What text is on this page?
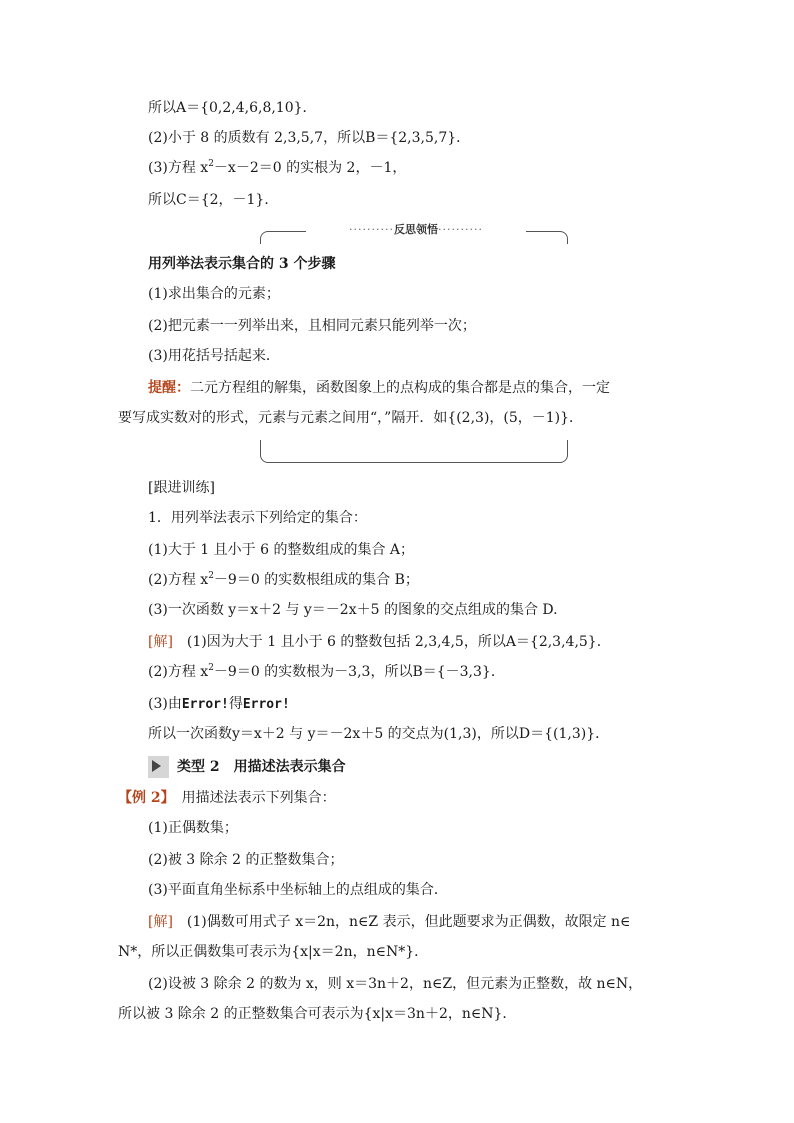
所以A＝{0,2,4,6,8,10}．
(2)小于 8 的质数有 2,3,5,7，所以B＝{2,3,5,7}．
(3)方程 $x^2-x-2=0$ 的实根为 2，－1，
所以C＝{2，－1}．
··········反思领悟··········
用列举法表示集合的 3 个步骤
(1)求出集合的元素；
(2)把元素一一列举出来，且相同元素只能列举一次；
(3)用花括号括起来．
提醒：二元方程组的解集，函数图象上的点构成的集合都是点的集合，一定
要写成实数对的形式，元素与元素之间用“，”隔开．如{(2,3)，(5，－1)}．
[跟进训练]
1．用列举法表示下列给定的集合：
(1)大于 1 且小于 6 的整数组成的集合 A；
(2)方程 $x^2-9=0$ 的实数根组成的集合 B；
(3)一次函数 y＝x＋2 与 y＝－2x＋5 的图象的交点组成的集合 D.
[解]　(1)因为大于 1 且小于 6 的整数包括 2,3,4,5，所以A＝{2,3,4,5}．
(2)方程 $x^2-9=0$ 的实数根为－3,3，所以B＝{－3,3}．
(3)由Error!得Error!
所以一次函数y＝x＋2 与 y＝－2x＋5 的交点为(1,3)，所以D＝{(1,3)}．
类型 2　用描述法表示集合
【例 2】　用描述法表示下列集合：
(1)正偶数集；
(2)被 3 除余 2 的正整数集合；
(3)平面直角坐标系中坐标轴上的点组成的集合．
[解]　(1)偶数可用式子 x＝2n，n∈Z 表示，但此题要求为正偶数，故限定 n∈
N*，所以正偶数集可表示为{x|x＝2n，n∈N*}．
(2)设被 3 除余 2 的数为 x，则 x＝3n＋2，n∈Z，但元素为正整数，故 n∈N，
所以被 3 除余 2 的正整数集合可表示为{x|x＝3n＋2，n∈N}．
